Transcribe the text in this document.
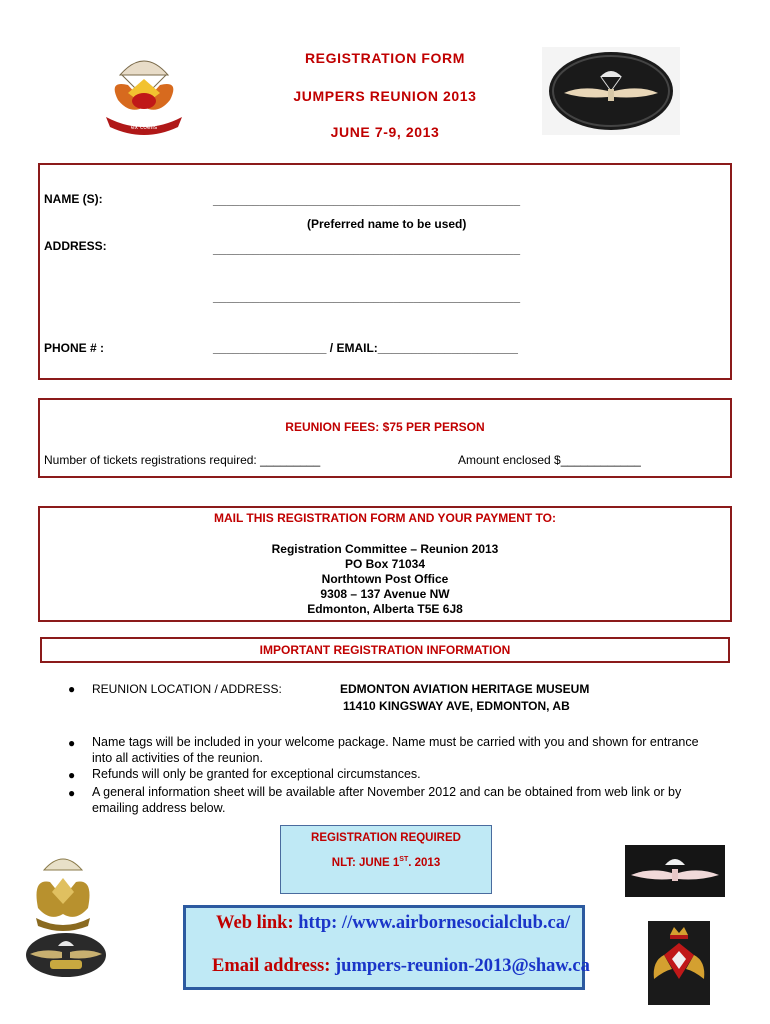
REGISTRATION FORM
JUMPERS REUNION 2013
JUNE 7-9, 2013
ex coelis
NAME (S):	______________________________________________
(Preferred name to be used)
ADDRESS:	______________________________________________
______________________________________________
PHONE # :	_________________ / EMAIL:_____________________
REUNION FEES: $75 PER PERSON
Number of tickets registrations required: _________	Amount enclosed $____________
MAIL THIS REGISTRATION FORM AND YOUR PAYMENT TO:
Registration Committee – Reunion 2013
PO Box 71034
Northtown Post Office
9308 – 137 Avenue NW
Edmonton, Alberta T5E 6J8
IMPORTANT REGISTRATION INFORMATION
● REUNION LOCATION / ADDRESS:	EDMONTON AVIATION HERITAGE MUSEUM
11410 KINGSWAY AVE, EDMONTON, AB
● Name tags will be included in your welcome package. Name must be carried with you and shown for entrance into all activities of the reunion.
● Refunds will only be granted for exceptional circumstances.
● A general information sheet will be available after November 2012 and can be obtained from web link or by emailing address below.
REGISTRATION REQUIRED
NLT: JUNE 1ST. 2013
Web link: http: //www.airbornesocialclub.ca/
Email address: jumpers-reunion-2013@shaw.ca
